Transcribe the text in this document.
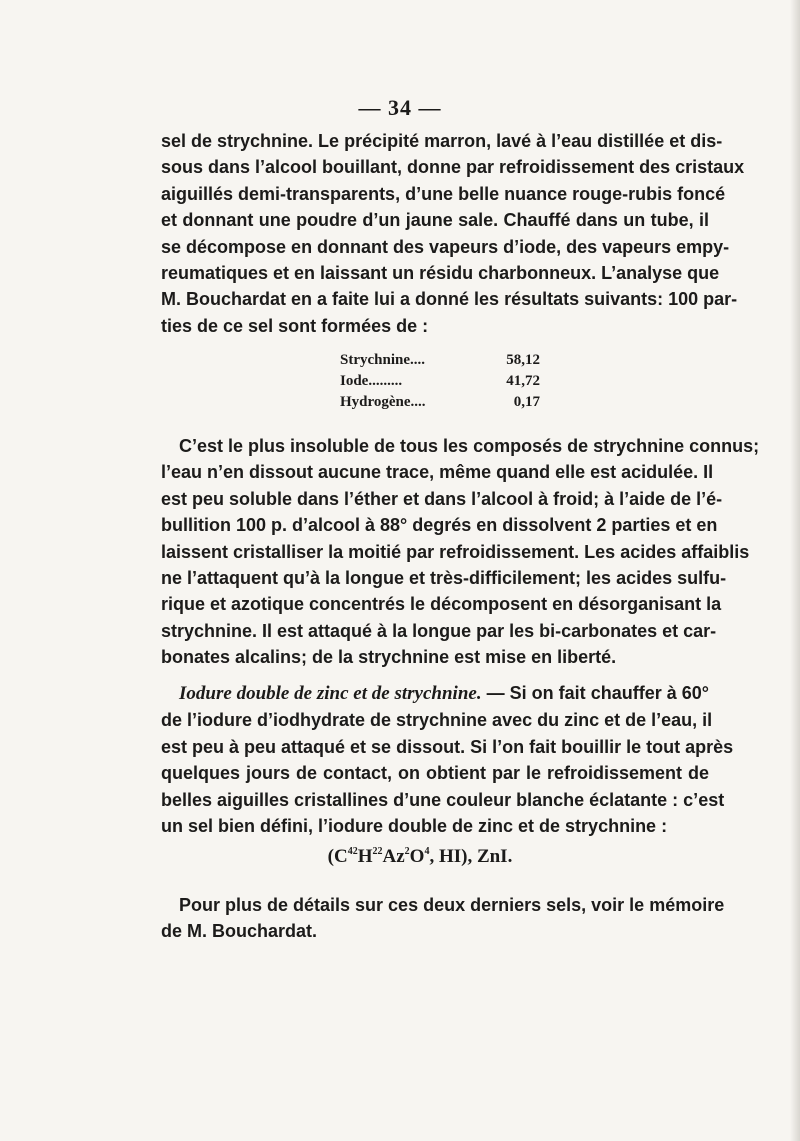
— 34 —
sel de strychnine. Le précipité marron, lavé à l’eau distillée et dis-
sous dans l’alcool bouillant, donne par refroidissement des cristaux
aiguillés demi-transparents, d’une belle nuance rouge-rubis foncé
et donnant une poudre d’un jaune sale. Chauffé dans un tube, il
se décompose en donnant des vapeurs d’iode, des vapeurs empy-
reumatiques et en laissant un résidu charbonneux. L’analyse que
M. Bouchardat en a faite lui a donné les résultats suivants: 100 par-
ties de ce sel sont formées de :
Strychnine....	58,12
Iode.........	41,72
Hydrogène....	0,17
C’est le plus insoluble de tous les composés de strychnine connus;
l’eau n’en dissout aucune trace, même quand elle est acidulée. Il
est peu soluble dans l’éther et dans l’alcool à froid; à l’aide de l’é-
bullition 100 p. d’alcool à 88° degrés en dissolvent 2 parties et en
laissent cristalliser la moitié par refroidissement. Les acides affaiblis
ne l’attaquent qu’à la longue et très-difficilement; les acides sulfu-
rique et azotique concentrés le décomposent en désorganisant la
strychnine. Il est attaqué à la longue par les bi-carbonates et car-
bonates alcalins; de la strychnine est mise en liberté.
Iodure double de zinc et de strychnine. — Si on fait chauffer à 60°
de l’iodure d’iodhydrate de strychnine avec du zinc et de l’eau, il
est peu à peu attaqué et se dissout. Si l’on fait bouillir le tout après
quelques jours de contact, on obtient par le refroidissement de
belles aiguilles cristallines d’une couleur blanche éclatante : c’est
un sel bien défini, l’iodure double de zinc et de strychnine :
($C^{42}H^{22}Az^2O^4$, HI), ZnI.
Pour plus de détails sur ces deux derniers sels, voir le mémoire
de M. Bouchardat.
